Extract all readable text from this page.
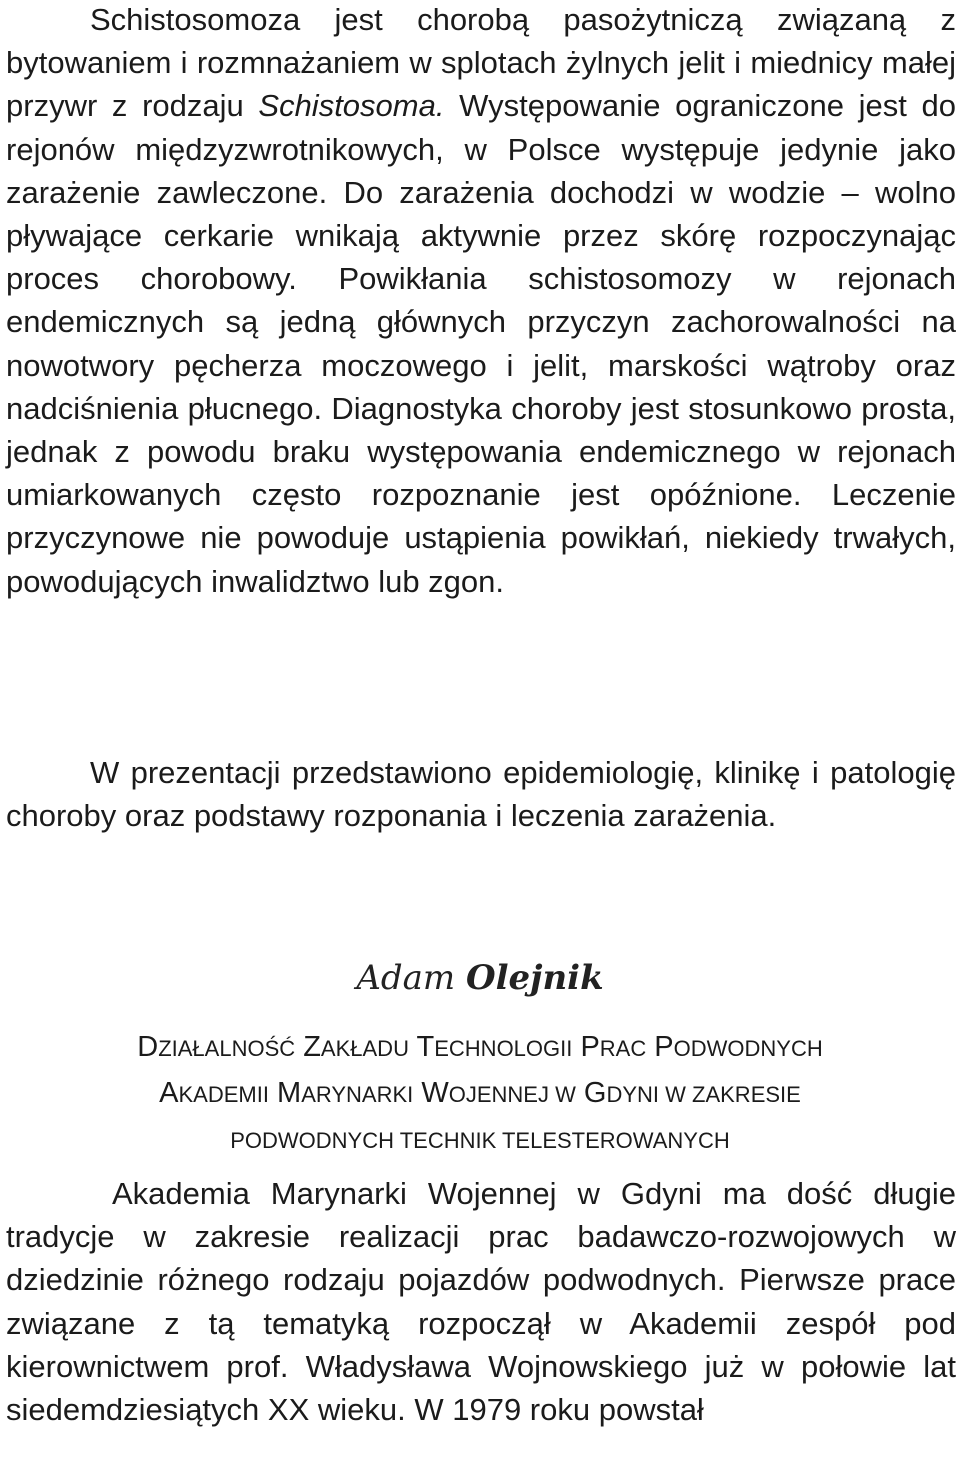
Schistosomoza jest chorobą pasożytniczą związaną z bytowaniem i rozmnażaniem w splotach żylnych jelit i miednicy małej przywr z rodzaju Schistosoma. Występowanie ograniczone jest do rejonów międzyzwrotnikowych, w Polsce występuje jedynie jako zarażenie zawleczone. Do zarażenia dochodzi w wodzie – wolno pływające cerkarie wnikają aktywnie przez skórę rozpoczynając proces chorobowy. Powikłania schistosomozy w rejonach endemicznych są jedną głównych przyczyn zachorowalności na nowotwory pęcherza moczowego i jelit, marskości wątroby oraz nadciśnienia płucnego. Diagnostyka choroby jest stosunkowo prosta, jednak z powodu braku występowania endemicznego w rejonach umiarkowanych często rozpoznanie jest opóźnione. Leczenie przyczynowe nie powoduje ustąpienia powikłań, niekiedy trwałych, powodujących inwalidztwo lub zgon.

W prezentacji przedstawiono epidemiologię, klinikę i patologię choroby oraz podstawy rozponania i leczenia zarażenia.

Adam Olejnik
DZIAŁALNOŚĆ ZAKŁADU TECHNOLOGII PRAC PODWODNYCH
AKADEMII MARYNARKI WOJENNEJ W GDYNI W ZAKRESIE
PODWODNYCH TECHNIK TELESTEROWANYCH

Akademia Marynarki Wojennej w Gdyni ma dość długie tradycje w zakresie realizacji prac badawczo-rozwojowych w dziedzinie różnego rodzaju pojazdów podwodnych. Pierwsze prace związane z tą tematyką rozpoczął w Akademii zespół pod kierownictwem prof. Władysława Wojnowskiego już w połowie lat siedemdziesiątych XX wieku. W 1979 roku powstał
